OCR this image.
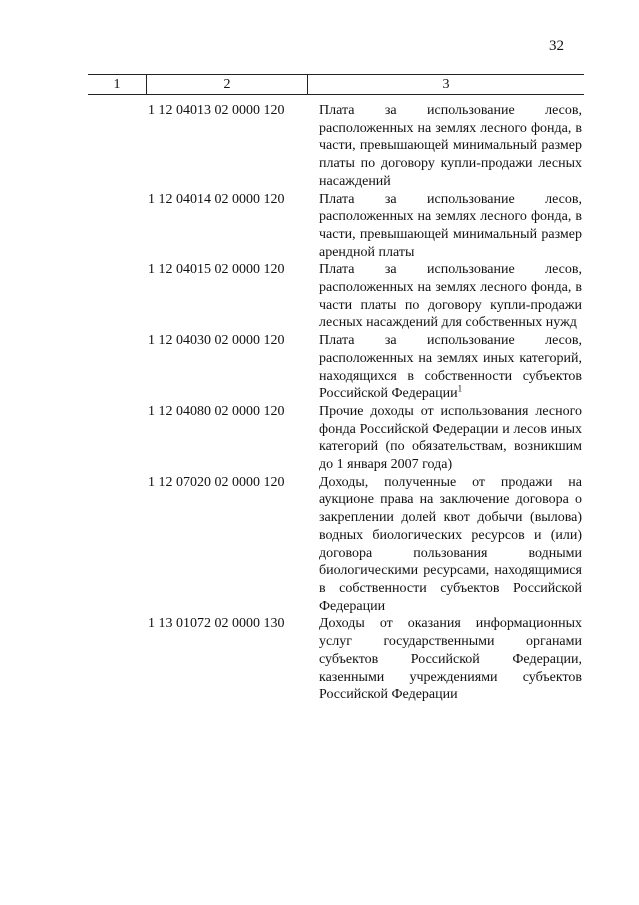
32
1	2	3
1 12 04013 02 0000 120 Плата за использование лесов, расположенных на землях лесного фонда, в части, превышающей минимальный размер платы по договору купли-продажи лесных насаждений
1 12 04014 02 0000 120 Плата за использование лесов, расположенных на землях лесного фонда, в части, превышающей минимальный размер арендной платы
1 12 04015 02 0000 120 Плата за использование лесов, расположенных на землях лесного фонда, в части платы по договору купли-продажи лесных насаждений для собственных нужд
1 12 04030 02 0000 120 Плата за использование лесов, расположенных на землях иных категорий, находящихся в собственности субъектов Российской Федерации$^1$
1 12 04080 02 0000 120 Прочие доходы от использования лесного фонда Российской Федерации и лесов иных категорий (по обязательствам, возникшим до 1 января 2007 года)
1 12 07020 02 0000 120 Доходы, полученные от продажи на аукционе права на заключение договора о закреплении долей квот добычи (вылова) водных биологических ресурсов и (или) договора пользования водными биологическими ресурсами, находящимися в собственности субъектов Российской Федерации
1 13 01072 02 0000 130 Доходы от оказания информационных услуг государственными органами субъектов Российской Федерации, казенными учреждениями субъектов Российской Федерации
